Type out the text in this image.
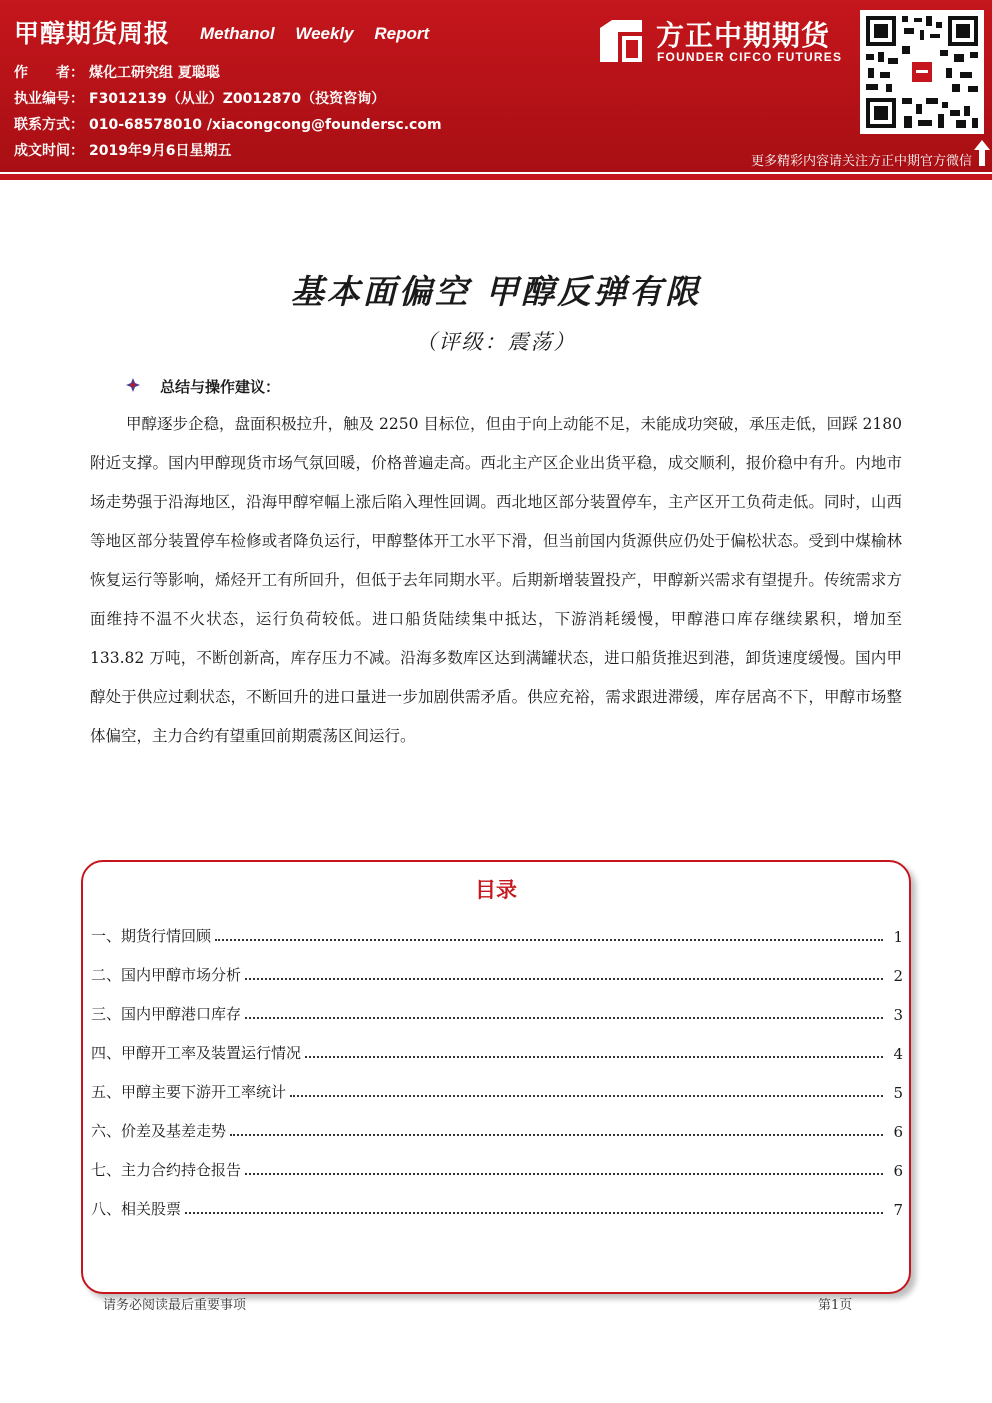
甲醇期货周报 Methanol Weekly Report
作　　者： 煤化工研究组 夏聪聪
执业编号： F3012139（从业）Z0012870（投资咨询）
联系方式： 010-68578010 /xiacongcong@foundersc.com
成文时间： 2019年9月6日星期五
方正中期期货
FOUNDER CIFCO FUTURES
更多精彩内容请关注方正中期官方微信
基本面偏空 甲醇反弹有限
（评级：震荡）
总结与操作建议：
甲醇逐步企稳，盘面积极拉升，触及 2250 目标位，但由于向上动能不足，未能成功突破，承压走低，回踩 2180 附近支撑。国内甲醇现货市场气氛回暖，价格普遍走高。西北主产区企业出货平稳，成交顺利，报价稳中有升。内地市场走势强于沿海地区，沿海甲醇窄幅上涨后陷入理性回调。西北地区部分装置停车，主产区开工负荷走低。同时，山西等地区部分装置停车检修或者降负运行，甲醇整体开工水平下滑，但当前国内货源供应仍处于偏松状态。受到中煤榆林恢复运行等影响，烯烃开工有所回升，但低于去年同期水平。后期新增装置投产，甲醇新兴需求有望提升。传统需求方面维持不温不火状态，运行负荷较低。进口船货陆续集中抵达，下游消耗缓慢，甲醇港口库存继续累积，增加至 133.82 万吨，不断创新高，库存压力不减。沿海多数库区达到满罐状态，进口船货推迟到港，卸货速度缓慢。国内甲醇处于供应过剩状态，不断回升的进口量进一步加剧供需矛盾。供应充裕，需求跟进滞缓，库存居高不下，甲醇市场整体偏空，主力合约有望重回前期震荡区间运行。
目录
一、期货行情回顾	1
二、国内甲醇市场分析	2
三、国内甲醇港口库存	3
四、甲醇开工率及装置运行情况	4
五、甲醇主要下游开工率统计	5
六、价差及基差走势	6
七、主力合约持仓报告	6
八、相关股票	7
请务必阅读最后重要事项	第1页
